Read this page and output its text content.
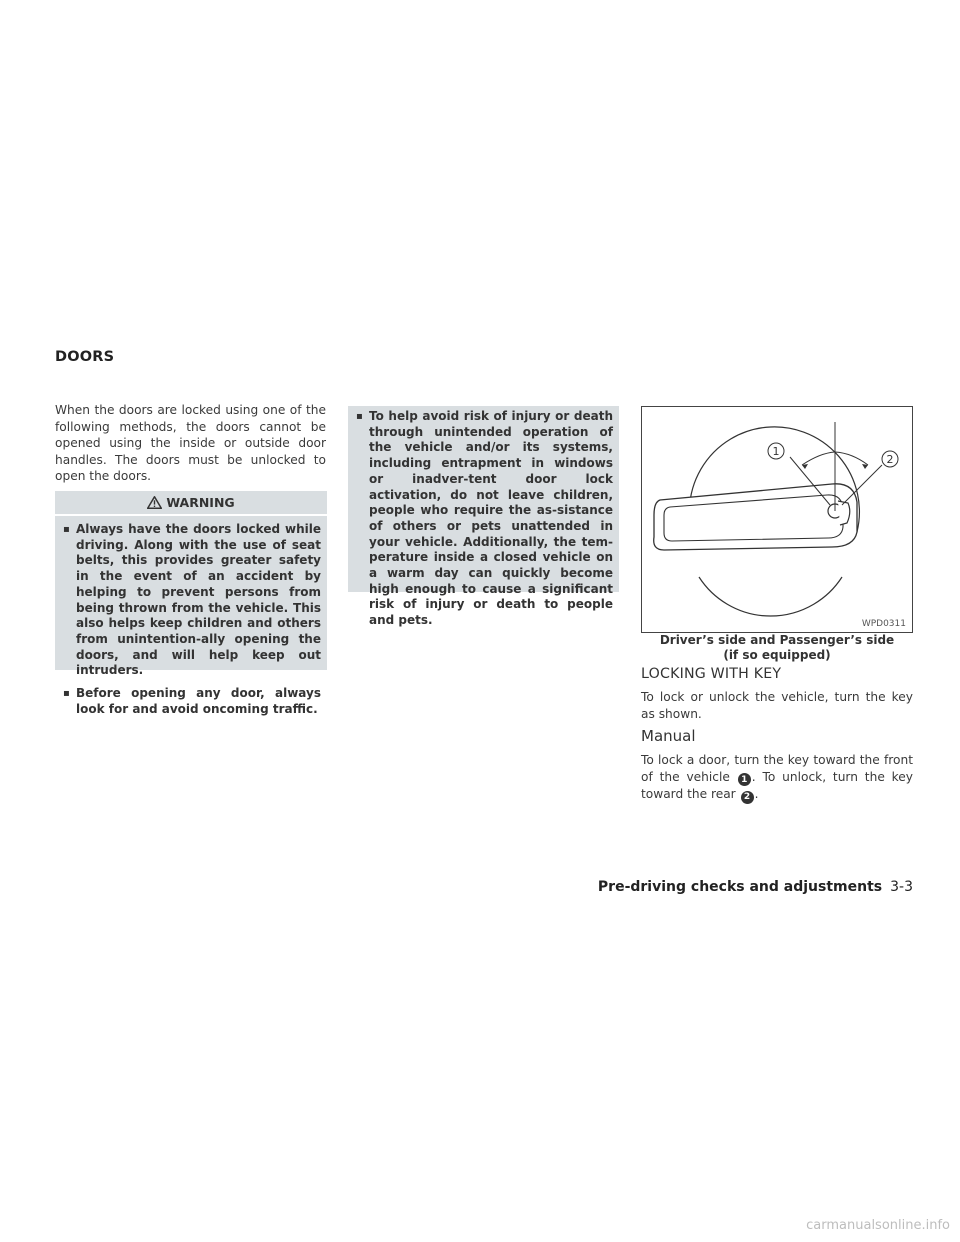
DOORS
When the doors are locked using one of the following methods, the doors cannot be opened using the inside or outside door handles. The doors must be unlocked to open the doors.
WARNING
▪ Always have the doors locked while driving. Along with the use of seat belts, this provides greater safety in the event of an accident by helping to prevent persons from being thrown from the vehicle. This also helps keep children and others from unintention-ally opening the doors, and will help keep out intruders.
▪ Before opening any door, always look for and avoid oncoming traffic.
▪ To help avoid risk of injury or death through unintended operation of the vehicle and/or its systems, including entrapment in windows or inadver-tent door lock activation, do not leave children, people who require the as-sistance of others or pets unattended in your vehicle. Additionally, the tem-perature inside a closed vehicle on a warm day can quickly become high enough to cause a significant risk of injury or death to people and pets.
1
2
WPD0311
Driver’s side and Passenger’s side
(if so equipped)
LOCKING WITH KEY
To lock or unlock the vehicle, turn the key as shown.
Manual
To lock a door, turn the key toward the front of the vehicle 1 . To unlock, turn the key toward the rear 2 .
Pre-driving checks and adjustments 3-3
carmanualsonline.info
